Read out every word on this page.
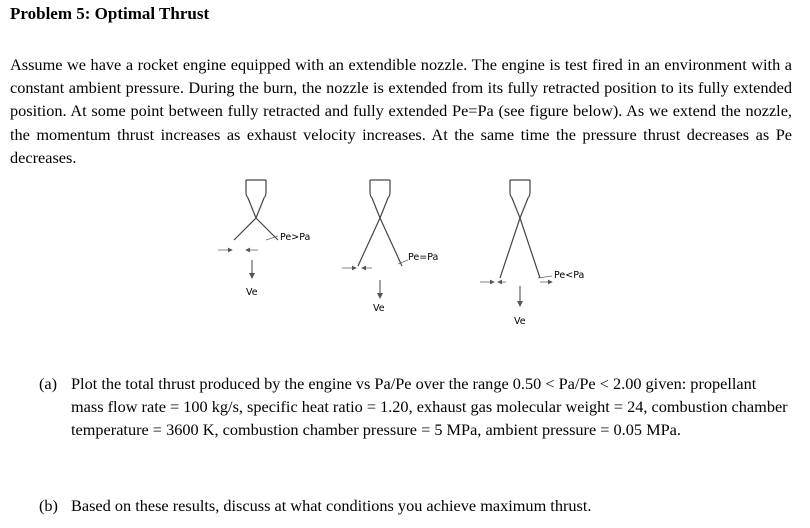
Problem 5: Optimal Thrust
Assume we have a rocket engine equipped with an extendible nozzle. The engine is test fired in an environment with a constant ambient pressure. During the burn, the nozzle is extended from its fully retracted position to its fully extended position. At some point between fully retracted and fully extended Pe=Pa (see figure below). As we extend the nozzle, the momentum thrust increases as exhaust velocity increases. At the same time the pressure thrust decreases as Pe decreases.
Pe>Pa
Ve
Pe=Pa
Ve
Pe<Pa
Ve
(a) Plot the total thrust produced by the engine vs Pa/Pe over the range 0.50 < Pa/Pe < 2.00 given: propellant mass flow rate = 100 kg/s, specific heat ratio = 1.20, exhaust gas molecular weight = 24, combustion chamber temperature = 3600 K, combustion chamber pressure = 5 MPa, ambient pressure = 0.05 MPa.
(b) Based on these results, discuss at what conditions you achieve maximum thrust.
